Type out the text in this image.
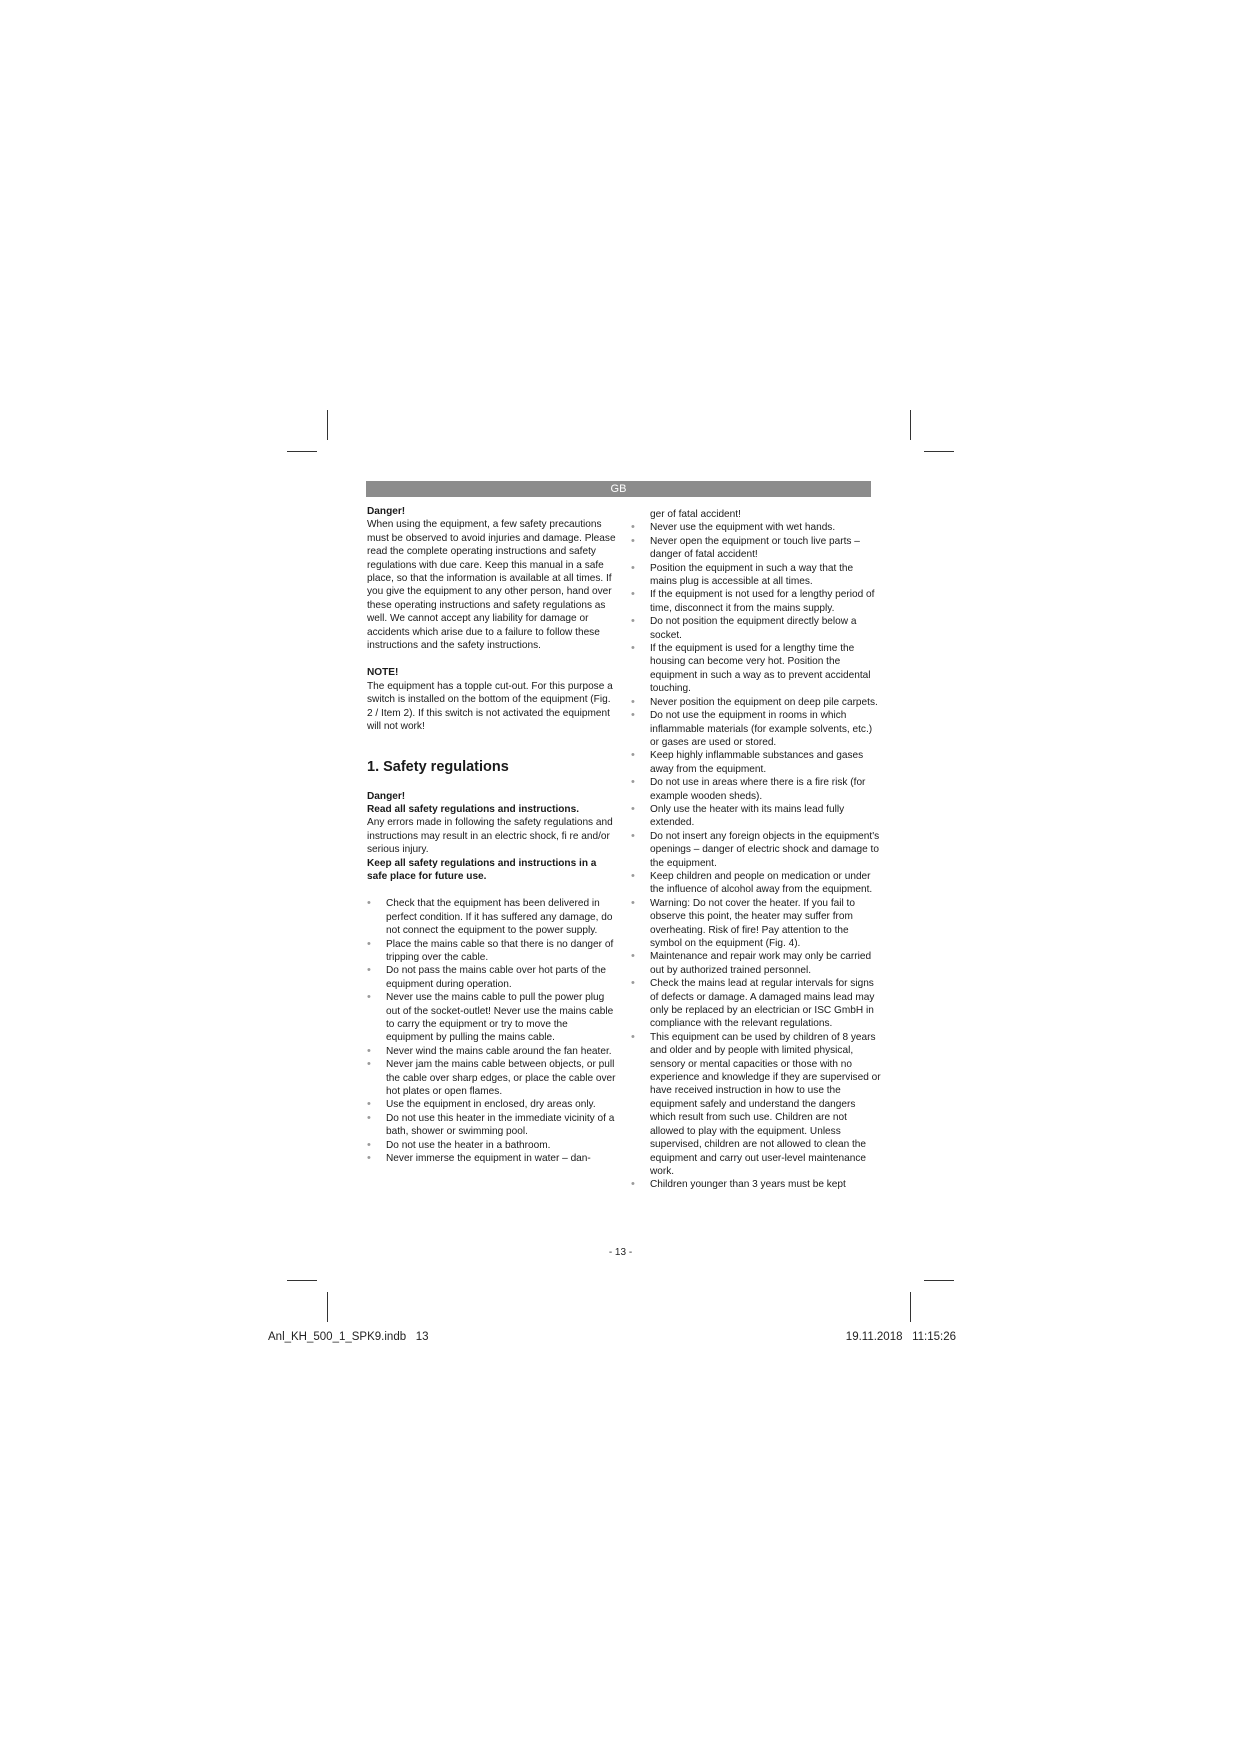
GB

Danger!

When using the equipment, a few safety precautions must be observed to avoid injuries and damage. Please read the complete operating instructions and safety regulations with due care. Keep this manual in a safe place, so that the information is available at all times. If you give the equipment to any other person, hand over these operating instructions and safety regulations as well. We cannot accept any liability for damage or accidents which arise due to a failure to follow these instructions and the safety instructions.

NOTE!

The equipment has a topple cut-out. For this purpose a switch is installed on the bottom of the equipment (Fig. 2 / Item 2). If this switch is not activated the equipment will not work!

1. Safety regulations

Danger!

Read all safety regulations and instructions.

Any errors made in following the safety regulations and instructions may result in an electric shock, fi re and/or serious injury.

Keep all safety regulations and instructions in a safe place for future use.

• Check that the equipment has been delivered in perfect condition. If it has suffered any damage, do not connect the equipment to the power supply.
• Place the mains cable so that there is no danger of tripping over the cable.
• Do not pass the mains cable over hot parts of the equipment during operation.
• Never use the mains cable to pull the power plug out of the socket-outlet! Never use the mains cable to carry the equipment or try to move the equipment by pulling the mains cable.
• Never wind the mains cable around the fan heater.
• Never jam the mains cable between objects, or pull the cable over sharp edges, or place the cable over hot plates or open flames.
• Use the equipment in enclosed, dry areas only.
• Do not use this heater in the immediate vicinity of a bath, shower or swimming pool.
• Do not use the heater in a bathroom.
• Never immerse the equipment in water – dan-
ger of fatal accident!
• Never use the equipment with wet hands.
• Never open the equipment or touch live parts – danger of fatal accident!
• Position the equipment in such a way that the mains plug is accessible at all times.
• If the equipment is not used for a lengthy period of time, disconnect it from the mains supply.
• Do not position the equipment directly below a socket.
• If the equipment is used for a lengthy time the housing can become very hot. Position the equipment in such a way as to prevent accidental touching.
• Never position the equipment on deep pile carpets.
• Do not use the equipment in rooms in which inflammable materials (for example solvents, etc.) or gases are used or stored.
• Keep highly inflammable substances and gases away from the equipment.
• Do not use in areas where there is a fire risk (for example wooden sheds).
• Only use the heater with its mains lead fully extended.
• Do not insert any foreign objects in the equipment's openings – danger of electric shock and damage to the equipment.
• Keep children and people on medication or under the influence of alcohol away from the equipment.
• Warning: Do not cover the heater. If you fail to observe this point, the heater may suffer from overheating. Risk of fire! Pay attention to the symbol on the equipment (Fig. 4).
• Maintenance and repair work may only be carried out by authorized trained personnel.
• Check the mains lead at regular intervals for signs of defects or damage. A damaged mains lead may only be replaced by an electrician or ISC GmbH in compliance with the relevant regulations.
• This equipment can be used by children of 8 years and older and by people with limited physical, sensory or mental capacities or those with no experience and knowledge if they are supervised or have received instruction in how to use the equipment safely and understand the dangers which result from such use. Children are not allowed to play with the equipment. Unless supervised, children are not allowed to clean the equipment and carry out user-level maintenance work.
• Children younger than 3 years must be kept
- 13 -
Anl_KH_500_1_SPK9.indb   13	19.11.2018   11:15:26
